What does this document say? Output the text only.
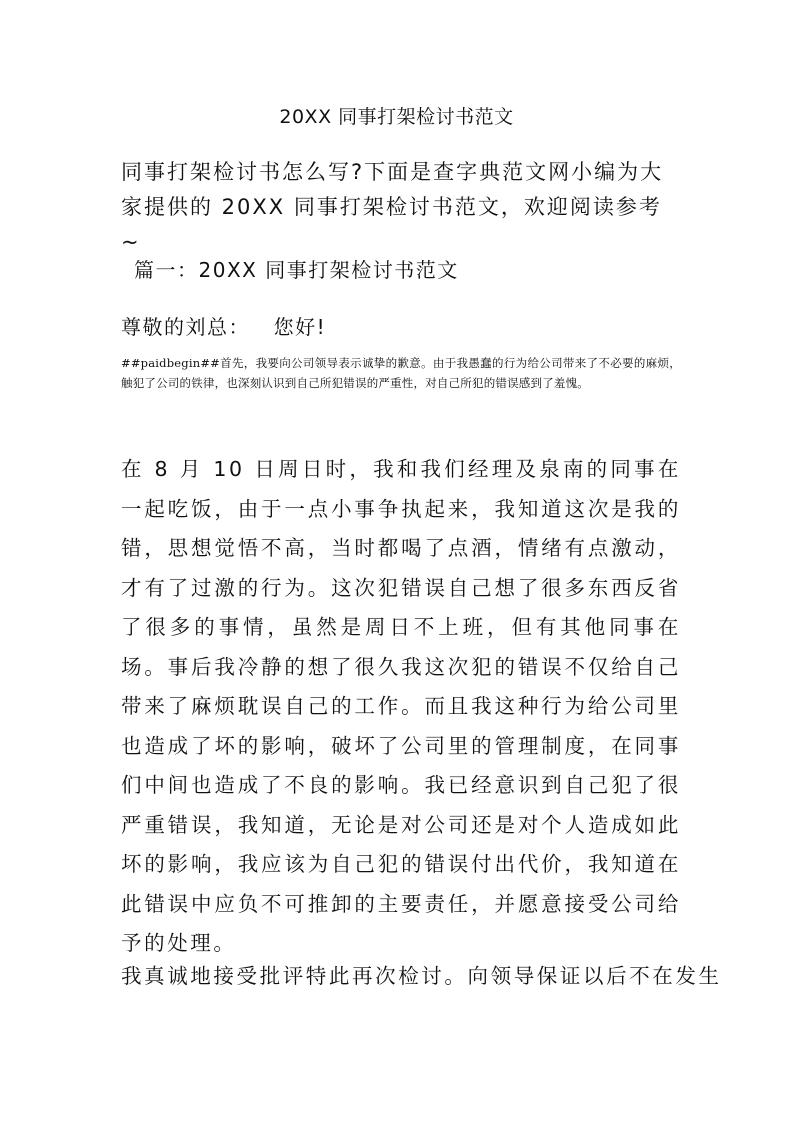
20XX 同事打架检讨书范文

同事打架检讨书怎么写?下面是查字典范文网小编为大家提供的 20XX 同事打架检讨书范文，欢迎阅读参考~

篇一：20XX 同事打架检讨书范文

尊敬的刘总：   您好!

##paidbegin##首先，我要向公司领导表示诚挚的歉意。由于我愚蠢的行为给公司带来了不必要的麻烦，触犯了公司的铁律，也深刻认识到自己所犯错误的严重性，对自己所犯的错误感到了羞愧。

在 8 月 10 日周日时，我和我们经理及泉南的同事在一起吃饭，由于一点小事争执起来，我知道这次是我的错，思想觉悟不高，当时都喝了点酒，情绪有点激动，才有了过激的行为。这次犯错误自己想了很多东西反省了很多的事情，虽然是周日不上班，但有其他同事在场。事后我冷静的想了很久我这次犯的错误不仅给自己带来了麻烦耽误自己的工作。而且我这种行为给公司里也造成了坏的影响，破坏了公司里的管理制度，在同事们中间也造成了不良的影响。我已经意识到自己犯了很严重错误，我知道，无论是对公司还是对个人造成如此坏的影响，我应该为自己犯的错误付出代价，我知道在此错误中应负不可推卸的主要责任，并愿意接受公司给予的处理。

我真诚地接受批评特此再次检讨。向领导保证以后不在发生
